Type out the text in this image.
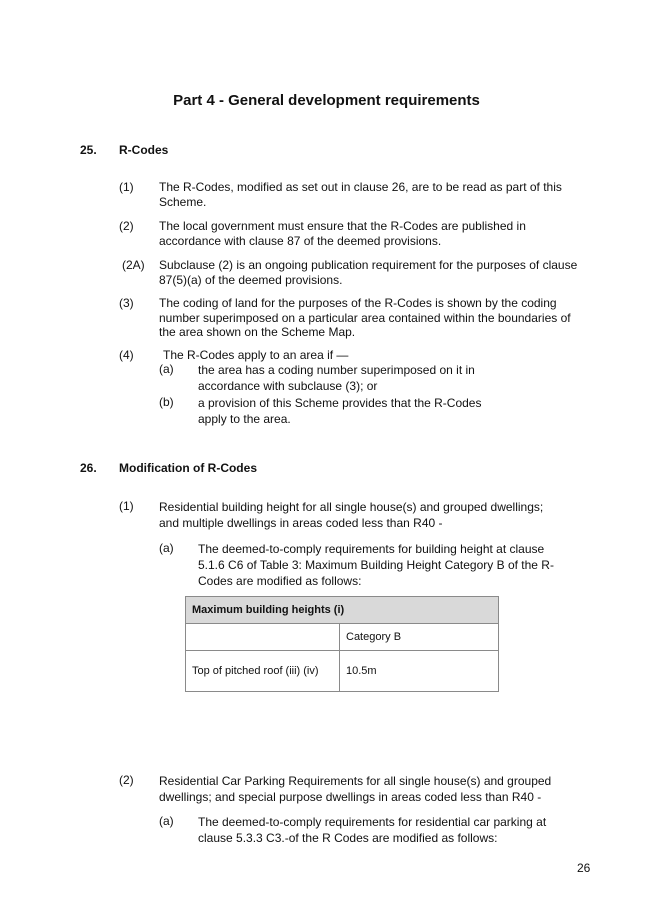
Part 4 - General development requirements
25. R-Codes
(1) The R-Codes, modified as set out in clause 26, are to be read as part of this Scheme.
(2) The local government must ensure that the R-Codes are published in accordance with clause 87 of the deemed provisions.
(2A) Subclause (2) is an ongoing publication requirement for the purposes of clause 87(5)(a) of the deemed provisions.
(3) The coding of land for the purposes of the R-Codes is shown by the coding number superimposed on a particular area contained within the boundaries of the area shown on the Scheme Map.
(4) The R-Codes apply to an area if —
(a) the area has a coding number superimposed on it in accordance with subclause (3); or
(b) a provision of this Scheme provides that the R-Codes apply to the area.
26. Modification of R-Codes
(1) Residential building height for all single house(s) and grouped dwellings; and multiple dwellings in areas coded less than R40 -
(a) The deemed-to-comply requirements for building height at clause 5.1.6 C6 of Table 3: Maximum Building Height Category B of the R-Codes are modified as follows:
Maximum building heights (i)	
	Category B
Top of pitched roof (iii) (iv)	10.5m
(2) Residential Car Parking Requirements for all single house(s) and grouped dwellings; and special purpose dwellings in areas coded less than R40 -
(a) The deemed-to-comply requirements for residential car parking at clause 5.3.3 C3.-of the R Codes are modified as follows:
26
